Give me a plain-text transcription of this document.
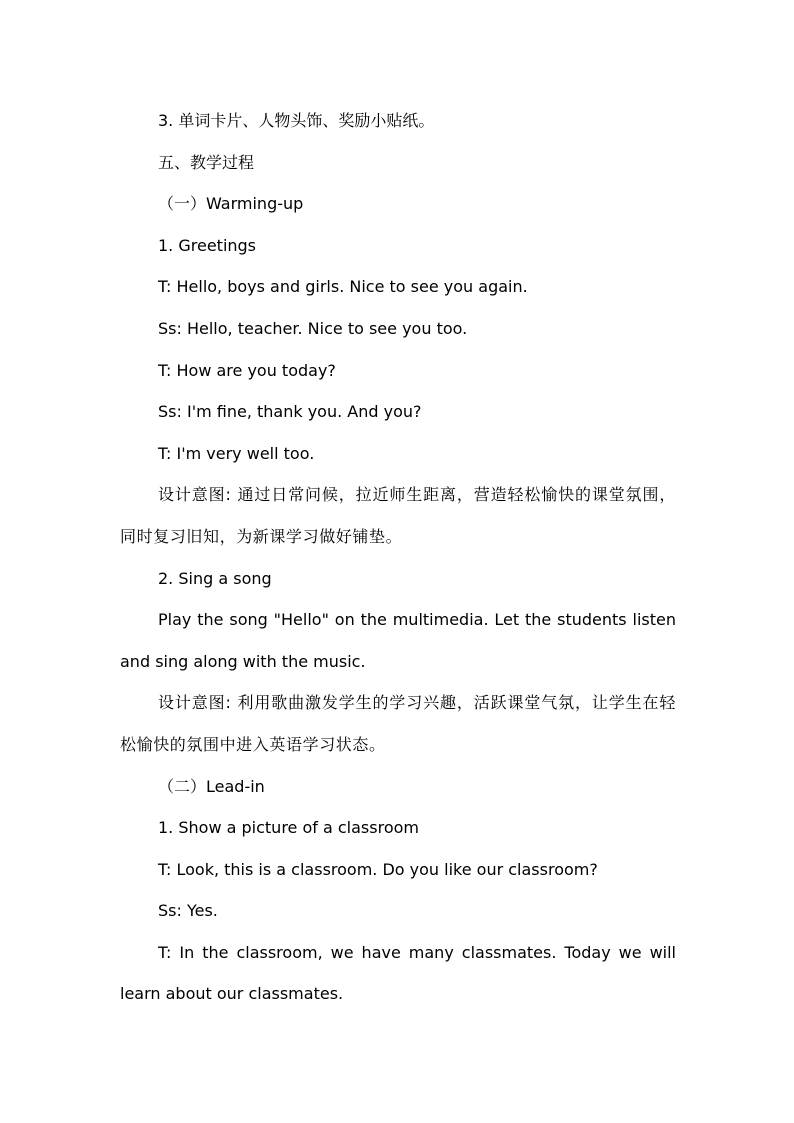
3. 单词卡片、人物头饰、奖励小贴纸。

五、教学过程

（一）Warming-up

1. Greetings

T: Hello, boys and girls. Nice to see you again.

Ss: Hello, teacher. Nice to see you too.

T: How are you today?

Ss: I'm fine, thank you. And you?

T: I'm very well too.

设计意图: 通过日常问候，拉近师生距离，营造轻松愉快的课堂氛围，同时复习旧知，为新课学习做好铺垫。

2. Sing a song

Play the song "Hello" on the multimedia. Let the students listen and sing along with the music.

设计意图: 利用歌曲激发学生的学习兴趣，活跃课堂气氛，让学生在轻松愉快的氛围中进入英语学习状态。

（二）Lead-in

1. Show a picture of a classroom

T: Look, this is a classroom. Do you like our classroom?

Ss: Yes.

T: In the classroom, we have many classmates. Today we will learn about our classmates.
